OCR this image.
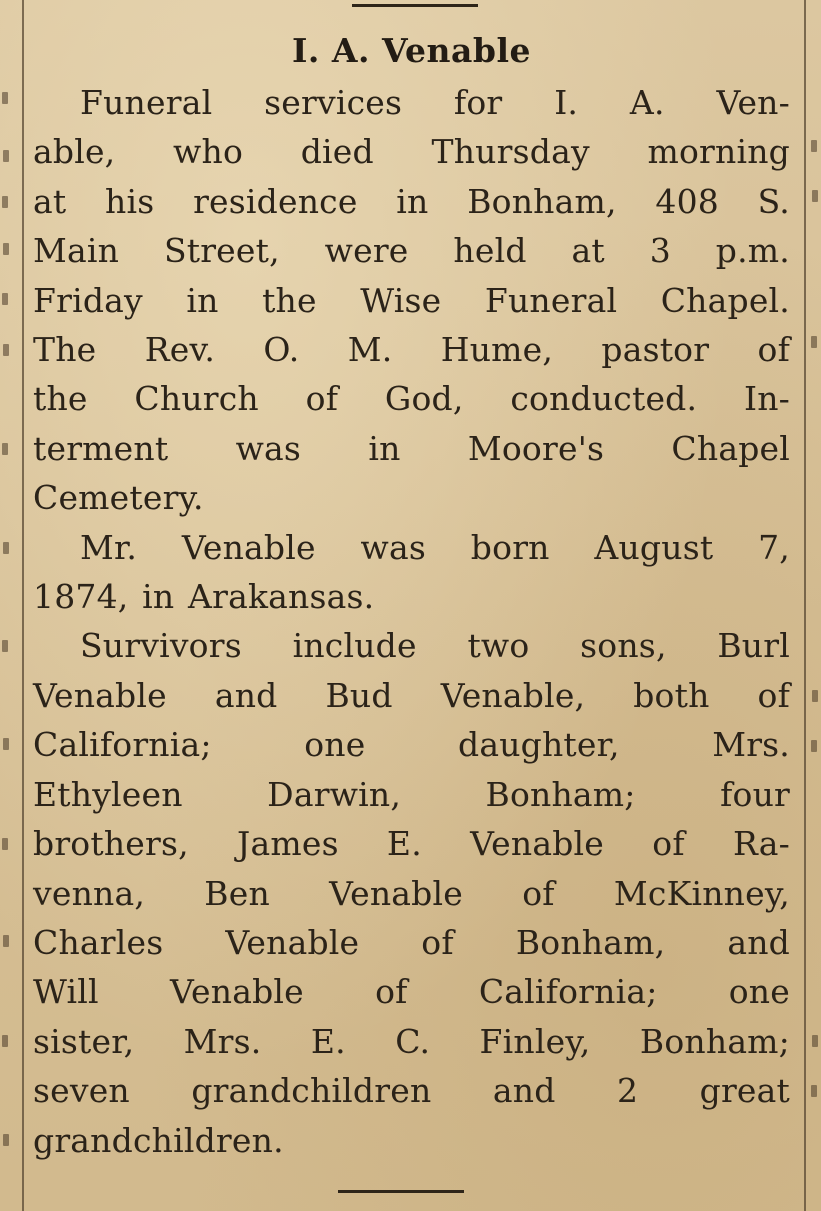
I. A. Venable

Funeral services for I. A. Ven-
able, who died Thursday morning
at his residence in Bonham, 408 S.
Main Street, were held at 3 p.m.
Friday in the Wise Funeral Chapel.
The Rev. O. M. Hume, pastor of
the Church of God, conducted. In-
terment was in Moore's Chapel
Cemetery.

Mr. Venable was born August 7,
1874, in Arakansas.

Survivors include two sons, Burl
Venable and Bud Venable, both of
California; one daughter, Mrs.
Ethyleen Darwin, Bonham; four
brothers, James E. Venable of Ra-
venna, Ben Venable of McKinney,
Charles Venable of Bonham, and
Will Venable of California; one
sister, Mrs. E. C. Finley, Bonham;
seven grandchildren and 2 great
grandchildren.
